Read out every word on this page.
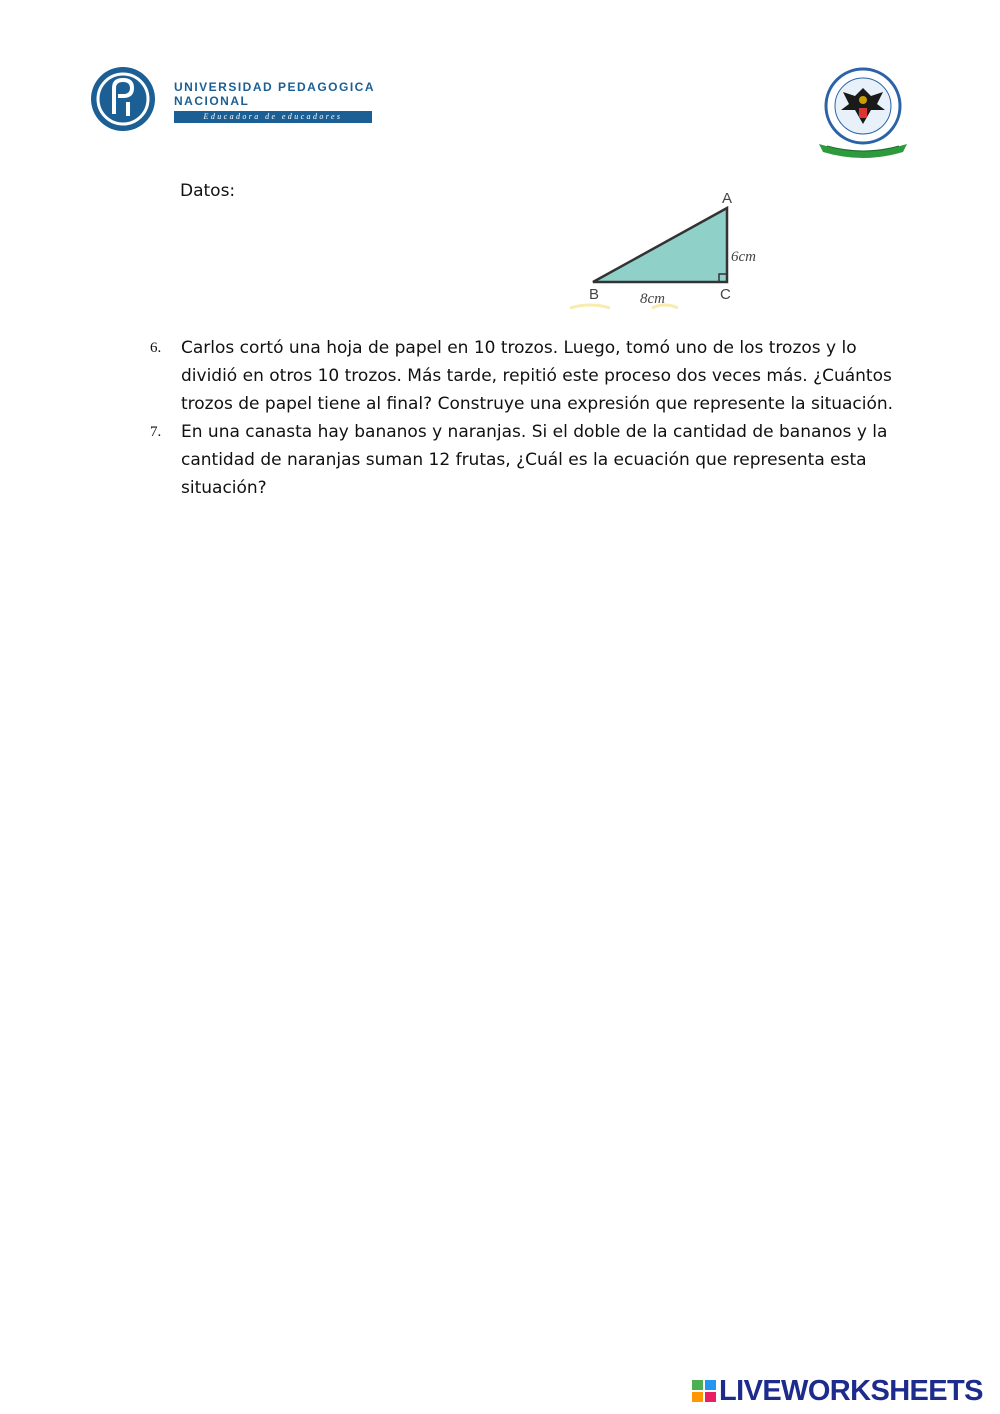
UNIVERSIDAD PEDAGOGICA
NACIONAL
Educadora de educadores
Datos:	A
B	C
6cm
8cm
6. Carlos cortó una hoja de papel en 10 trozos. Luego, tomó uno de los trozos y lo dividió en otros 10 trozos. Más tarde, repitió este proceso dos veces más. ¿Cuántos trozos de papel tiene al final? Construye una expresión que represente la situación.
7. En una canasta hay bananos y naranjas. Si el doble de la cantidad de bananos y la cantidad de naranjas suman 12 frutas, ¿Cuál es la ecuación que representa esta situación?
LIVEWORKSHEETS
